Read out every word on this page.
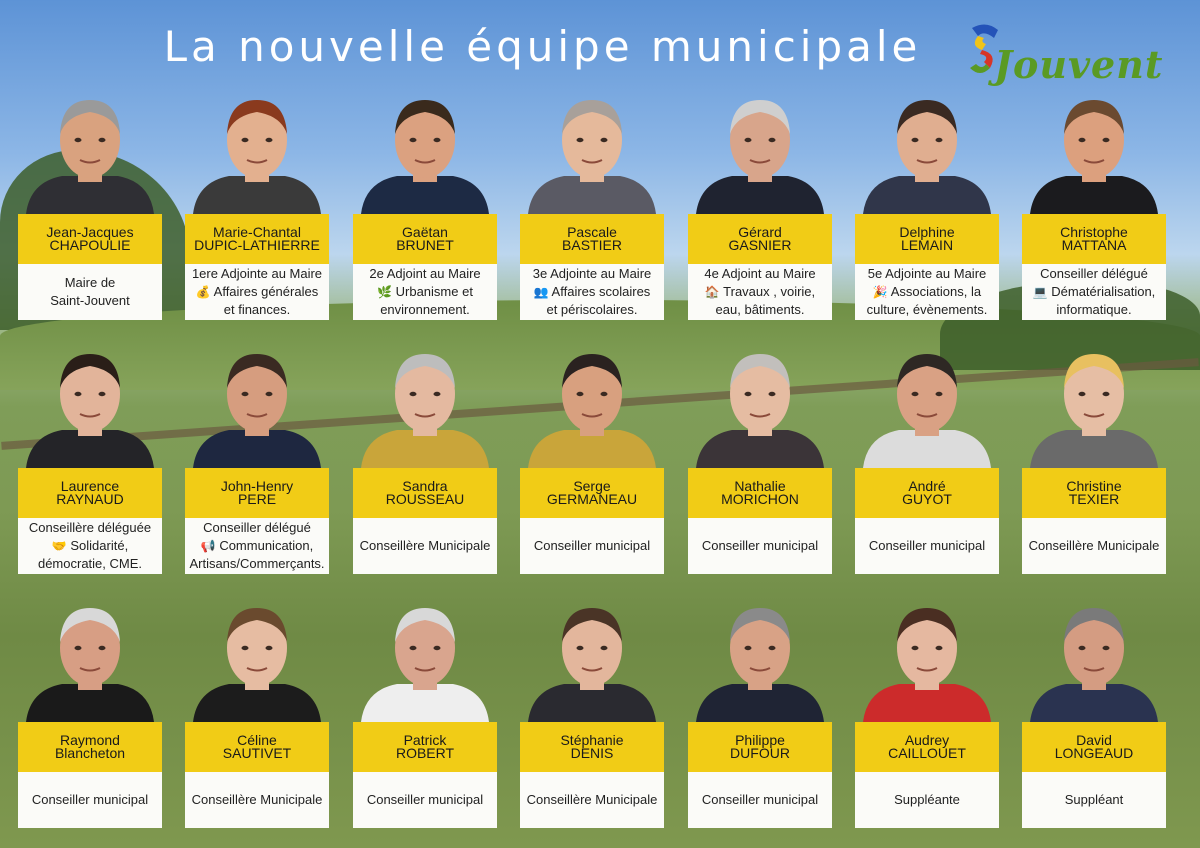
La nouvelle équipe municipale	Jouvent
Jean-Jacques
CHAPOULIE
Maire de
Saint-Jouvent
Marie-Chantal
DUPIC-LATHIERRE
1ere Adjointe au Maire
💰 Affaires générales
et finances.
Gaëtan
BRUNET
2e Adjoint au Maire
🌿 Urbanisme et
environnement.
Pascale
BASTIER
3e Adjointe au Maire
👥 Affaires scolaires
et périscolaires.
Gérard
GASNIER
4e Adjoint au Maire
🏠 Travaux , voirie,
eau, bâtiments.
Delphine
LEMAIN
5e Adjointe au Maire
🎉 Associations, la
culture, évènements.
Christophe
MATTANA
Conseiller délégué
💻 Dématérialisation,
informatique.
Laurence
RAYNAUD
Conseillère déléguée
🤝 Solidarité,
démocratie, CME.
John-Henry
PERE
Conseiller délégué
📢 Communication,
Artisans/Commerçants.
Sandra
ROUSSEAU
Conseillère Municipale
Serge
GERMANEAU
Conseiller municipal
Nathalie
MORICHON
Conseiller municipal
André
GUYOT
Conseiller municipal
Christine
TEXIER
Conseillère Municipale
Raymond
Blancheton
Conseiller municipal
Céline
SAUTIVET
Conseillère Municipale
Patrick
ROBERT
Conseiller municipal
Stéphanie
DENIS
Conseillère Municipale
Philippe
DUFOUR
Conseiller municipal
Audrey
CAILLOUET
Suppléante
David
LONGEAUD
Suppléant
